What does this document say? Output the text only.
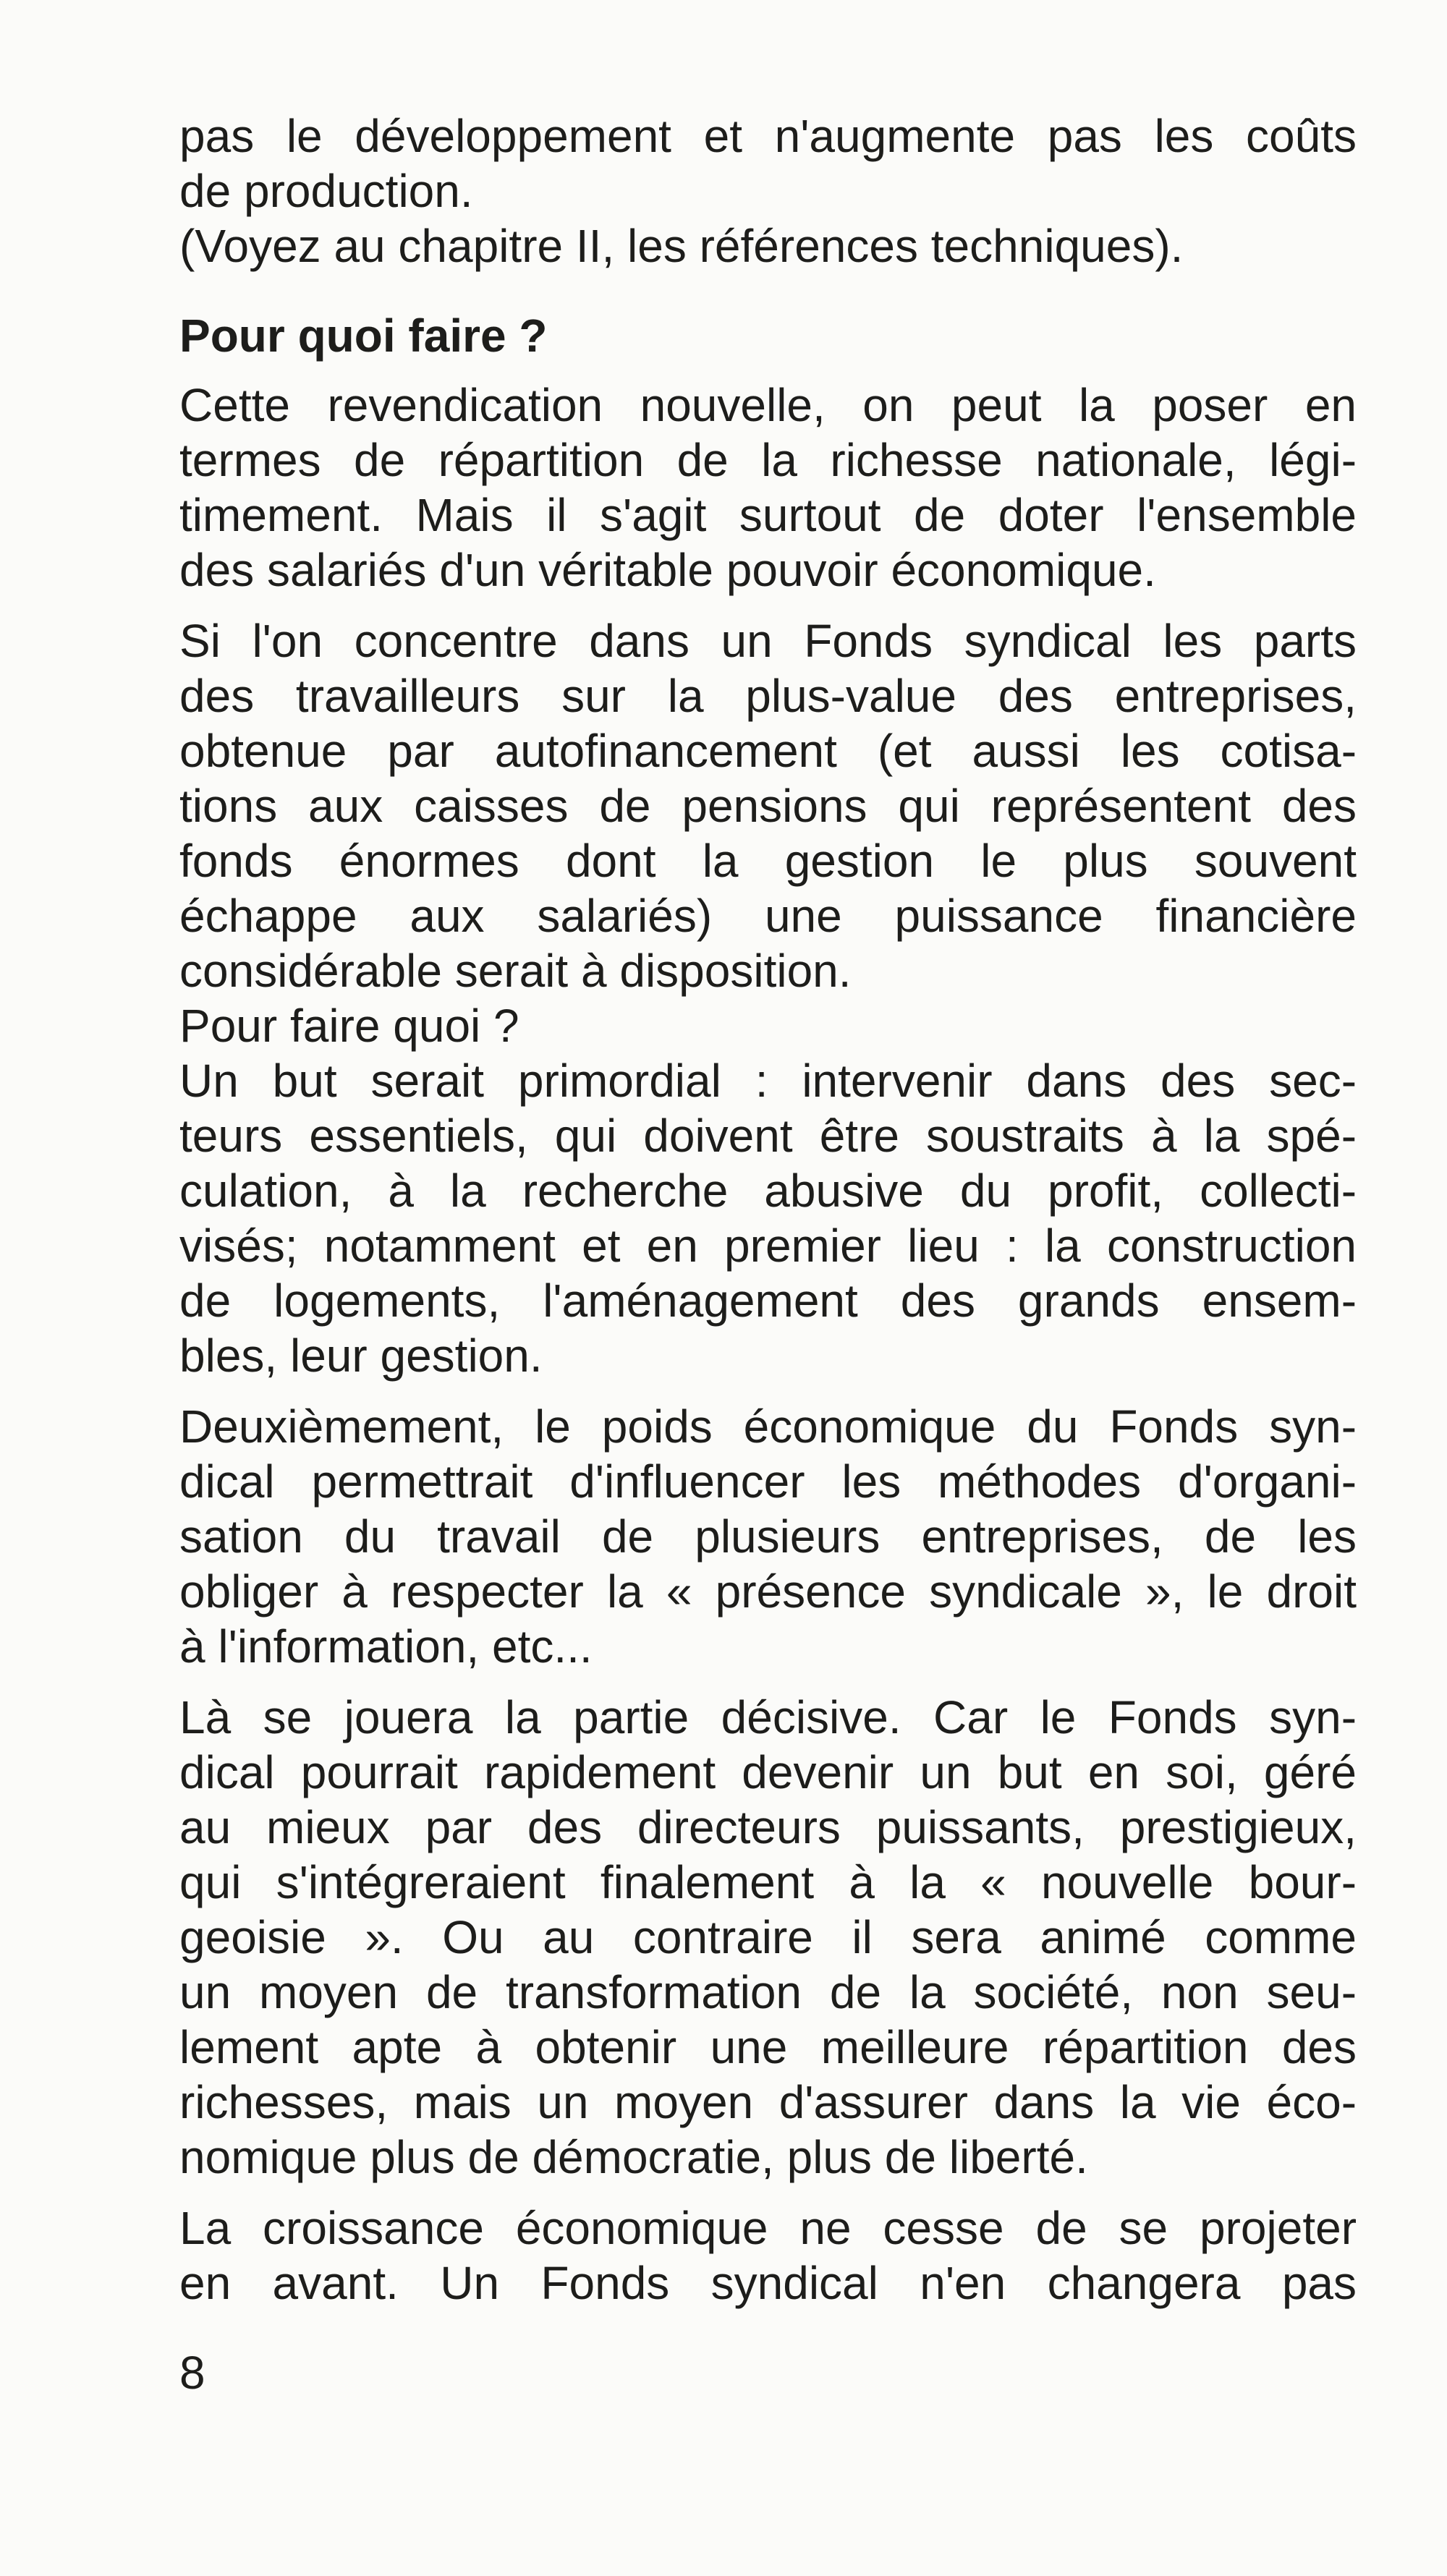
pas le développement et n'augmente pas les coûts
de production.
(Voyez au chapitre II, les références techniques).
Pour quoi faire ?
Cette revendication nouvelle, on peut la poser en
termes de répartition de la richesse nationale, légi-
timement. Mais il s'agit surtout de doter l'ensemble
des salariés d'un véritable pouvoir économique.
Si l'on concentre dans un Fonds syndical les parts
des travailleurs sur la plus-value des entreprises,
obtenue par autofinancement (et aussi les cotisa-
tions aux caisses de pensions qui représentent des
fonds énormes dont la gestion le plus souvent
échappe aux salariés) une puissance financière
considérable serait à disposition.
Pour faire quoi ?
Un but serait primordial : intervenir dans des sec-
teurs essentiels, qui doivent être soustraits à la spé-
culation, à la recherche abusive du profit, collecti-
visés; notamment et en premier lieu : la construction
de logements, l'aménagement des grands ensem-
bles, leur gestion.
Deuxièmement, le poids économique du Fonds syn-
dical permettrait d'influencer les méthodes d'organi-
sation du travail de plusieurs entreprises, de les
obliger à respecter la « présence syndicale », le droit
à l'information, etc...
Là se jouera la partie décisive. Car le Fonds syn-
dical pourrait rapidement devenir un but en soi, géré
au mieux par des directeurs puissants, prestigieux,
qui s'intégreraient finalement à la « nouvelle bour-
geoisie ». Ou au contraire il sera animé comme
un moyen de transformation de la société, non seu-
lement apte à obtenir une meilleure répartition des
richesses, mais un moyen d'assurer dans la vie éco-
nomique plus de démocratie, plus de liberté.
La croissance économique ne cesse de se projeter
en avant. Un Fonds syndical n'en changera pas
8
